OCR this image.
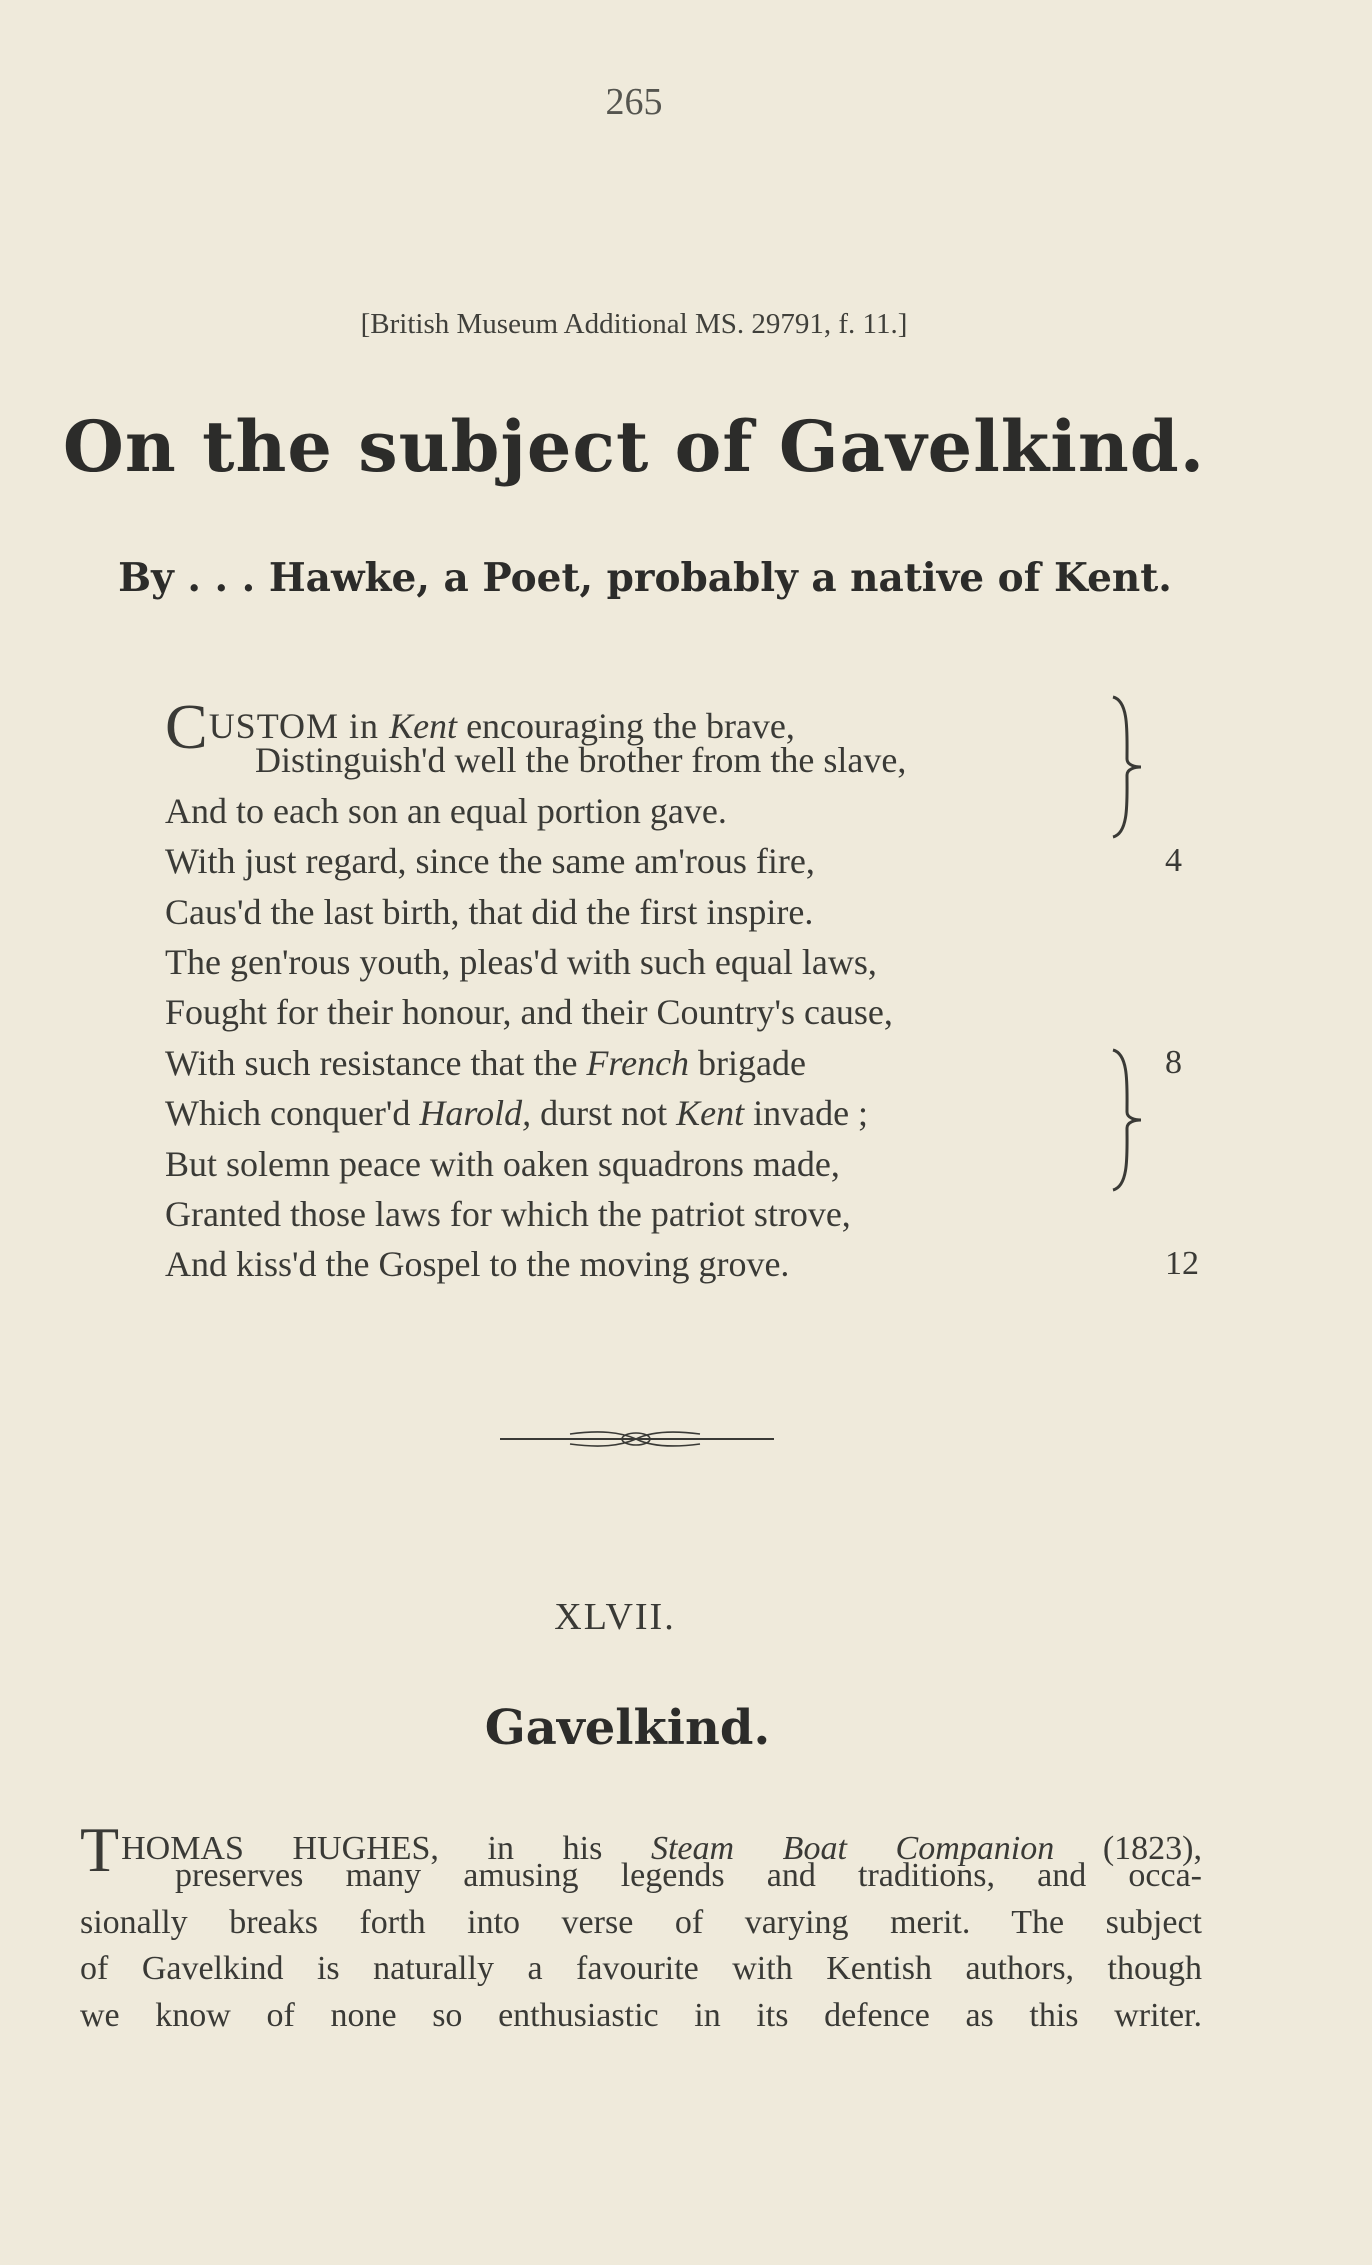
265
[British Museum Additional MS. 29791, f. 11.]
On the subject of Gavelkind.
By . . . Hawke, a Poet, probably a native of Kent.
CUSTOM in Kent encouraging the brave,
Distinguish'd well the brother from the slave,
And to each son an equal portion gave.
With just regard, since the same am'rous fire,	4
Caus'd the last birth, that did the first inspire.
The gen'rous youth, pleas'd with such equal laws,
Fought for their honour, and their Country's cause,
With such resistance that the French brigade	8
Which conquer'd Harold, durst not Kent invade ;
But solemn peace with oaken squadrons made,
Granted those laws for which the patriot strove,
And kiss'd the Gospel to the moving grove.	12
XLVII.
Gavelkind.
THOMAS HUGHES, in his Steam Boat Companion (1823),
preserves many amusing legends and traditions, and occa-
sionally breaks forth into verse of varying merit. The subject
of Gavelkind is naturally a favourite with Kentish authors, though
we know of none so enthusiastic in its defence as this writer.
